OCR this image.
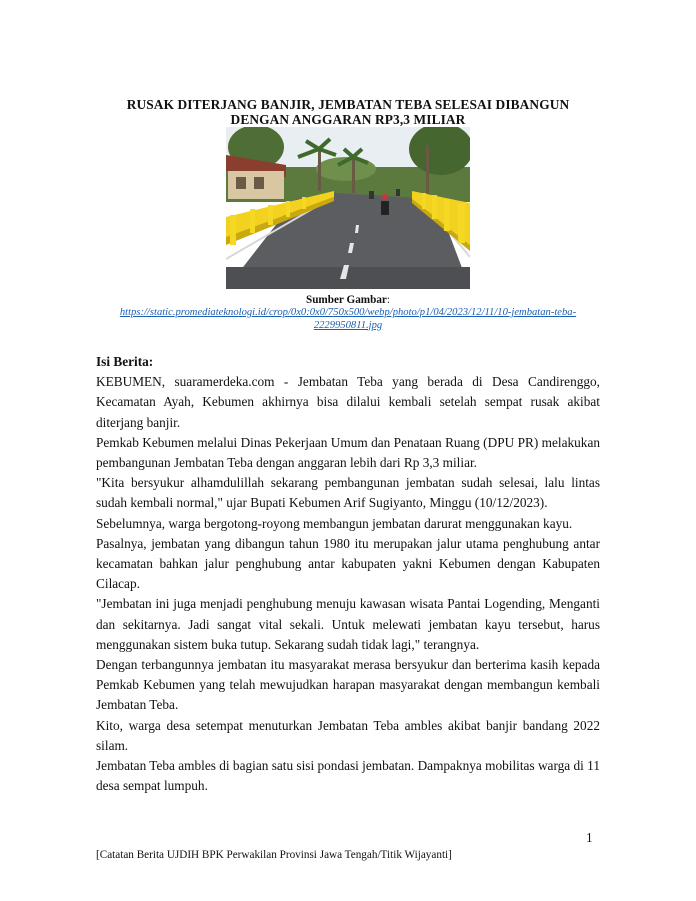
RUSAK DITERJANG BANJIR, JEMBATAN TEBA SELESAI DIBANGUN
DENGAN ANGGARAN RP3,3 MILIAR
Sumber Gambar:
https://static.promediateknologi.id/crop/0x0:0x0/750x500/webp/photo/p1/04/2023/12/11/10-jembatan-teba-
2229950811.jpg
Isi Berita:

KEBUMEN, suaramerdeka.com - Jembatan Teba yang berada di Desa Candirenggo, Kecamatan Ayah, Kebumen akhirnya bisa dilalui kembali setelah sempat rusak akibat diterjang banjir.

Pemkab Kebumen melalui Dinas Pekerjaan Umum dan Penataan Ruang (DPU PR) melakukan pembangunan Jembatan Teba dengan anggaran lebih dari Rp 3,3 miliar.

"Kita bersyukur alhamdulillah sekarang pembangunan jembatan sudah selesai, lalu lintas sudah kembali normal," ujar Bupati Kebumen Arif Sugiyanto, Minggu (10/12/2023).

Sebelumnya, warga bergotong-royong membangun jembatan darurat menggunakan kayu.

Pasalnya, jembatan yang dibangun tahun 1980 itu merupakan jalur utama penghubung antar kecamatan bahkan jalur penghubung antar kabupaten yakni Kebumen dengan Kabupaten Cilacap.

"Jembatan ini juga menjadi penghubung menuju kawasan wisata Pantai Logending, Menganti dan sekitarnya. Jadi sangat vital sekali. Untuk melewati jembatan kayu tersebut, harus menggunakan sistem buka tutup. Sekarang sudah tidak lagi," terangnya.

Dengan terbangunnya jembatan itu masyarakat merasa bersyukur dan berterima kasih kepada Pemkab Kebumen yang telah mewujudkan harapan masyarakat dengan membangun kembali Jembatan Teba.

Kito, warga desa setempat menuturkan Jembatan Teba ambles akibat banjir bandang 2022 silam.

Jembatan Teba ambles di bagian satu sisi pondasi jembatan. Dampaknya mobilitas warga di 11 desa sempat lumpuh.

1
[Catatan Berita UJDIH BPK Perwakilan Provinsi Jawa Tengah/Titik Wijayanti]
